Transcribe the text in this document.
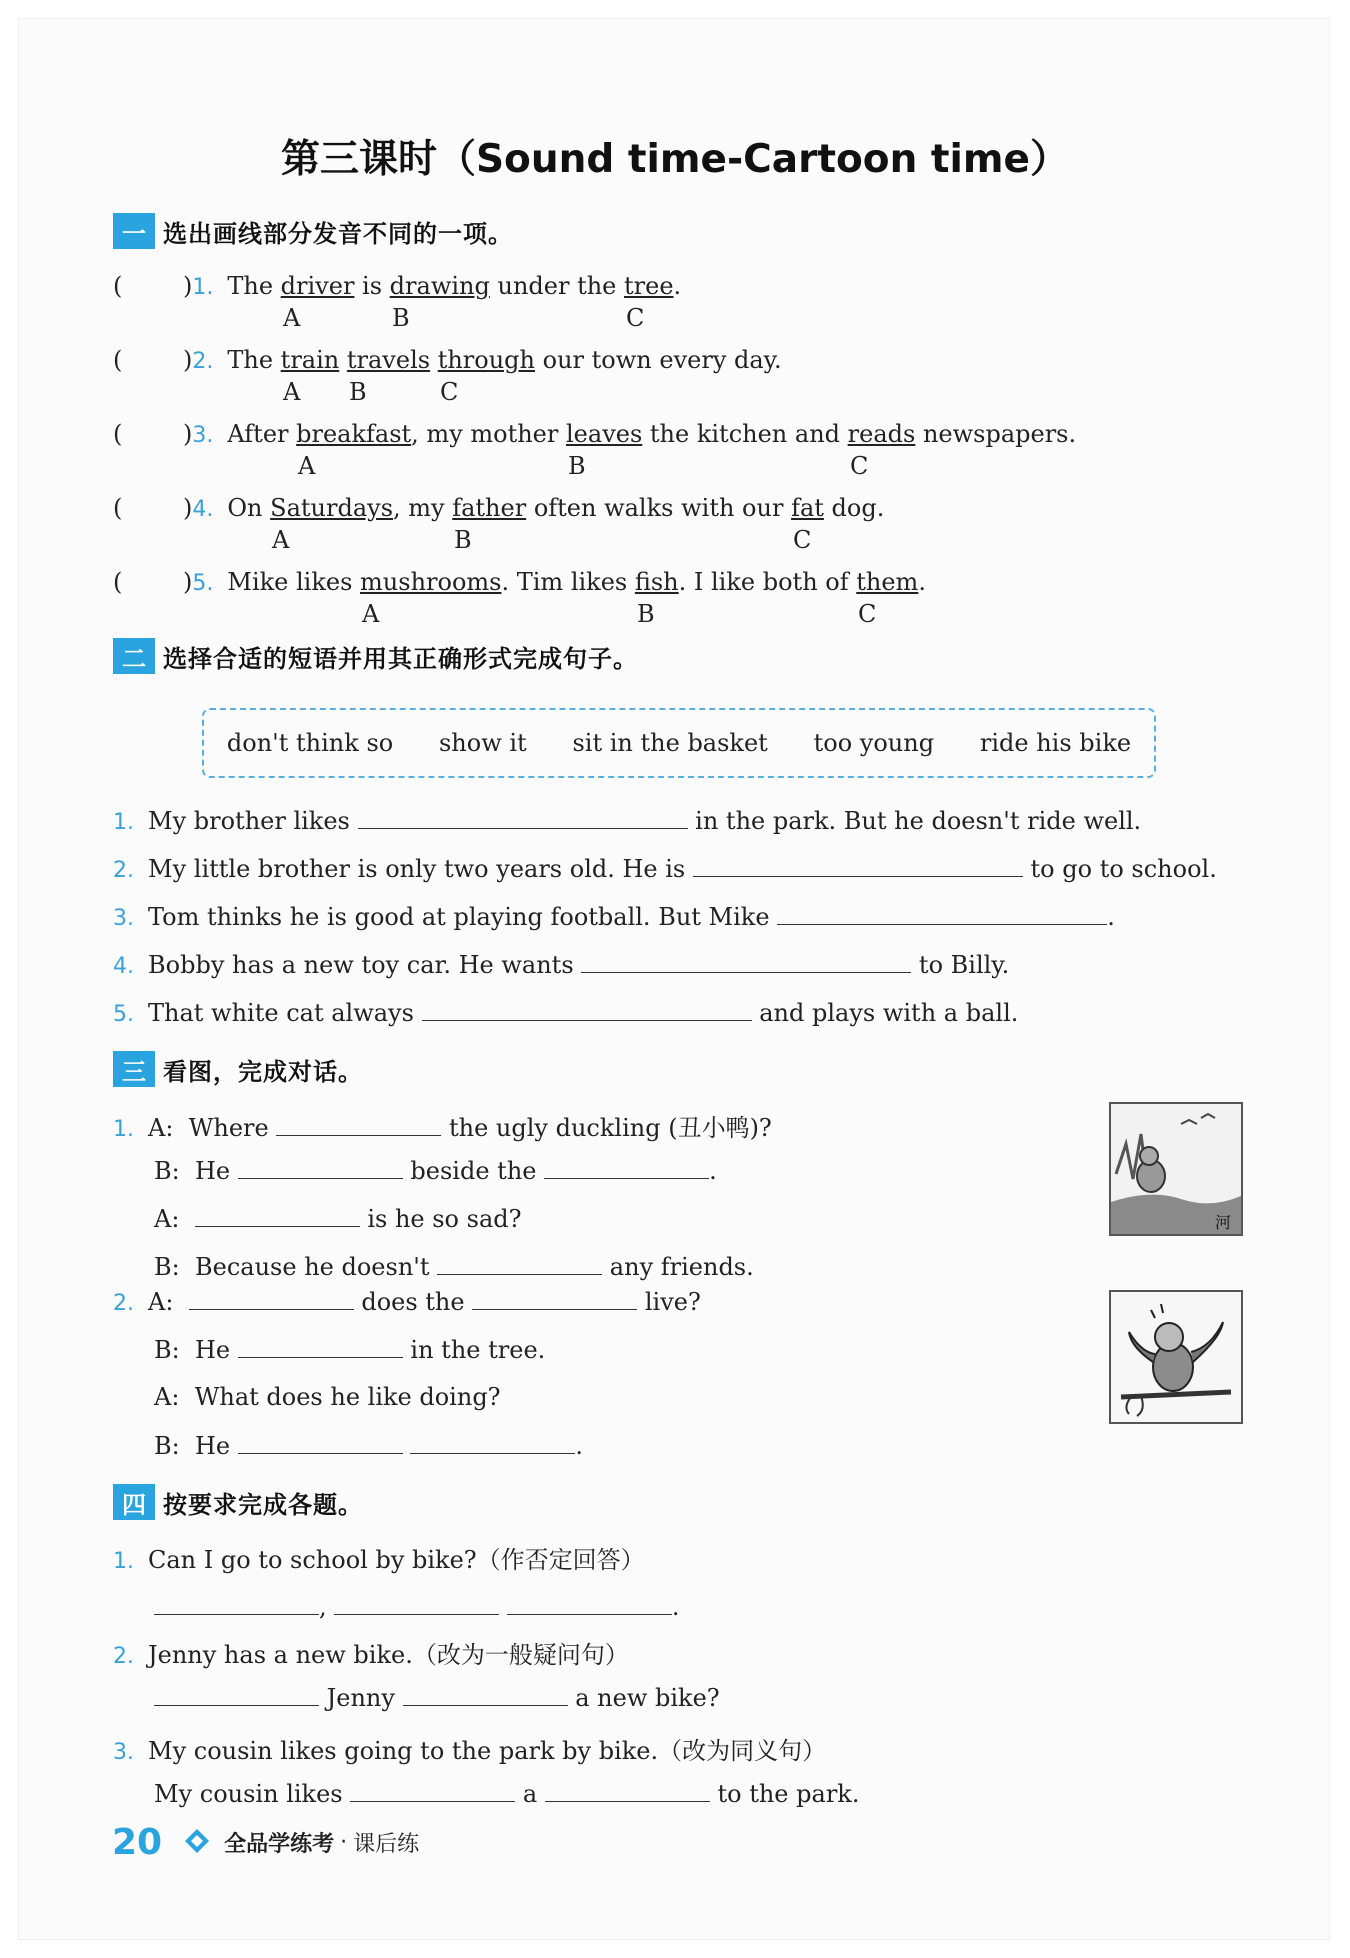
第三课时（Sound time-Cartoon time）
一 选出画线部分发音不同的一项。
(	)1. The driver is drawing under the tree.
A	B	C
(	)2. The train travels through our town every day.
A B	C
(	)3. After breakfast, my mother leaves the kitchen and reads newspapers.
A	B	C
(	)4. On Saturdays, my father often walks with our fat dog.
A	B	C
(	)5. Mike likes mushrooms. Tim likes fish. I like both of them.
A	B	C
二 选择合适的短语并用其正确形式完成句子。
don't think so show it sit in the basket too young ride his bike
1. My brother likes	in the park. But he doesn't ride well.
2. My little brother is only two years old. He is	to go to school.
3. Tom thinks he is good at playing football. But Mike	.
4. Bobby has a new toy car. He wants	to Billy.
5. That white cat always	and plays with a ball.
三 看图，完成对话。
1. A: Where	the ugly duckling (丑小鸭)?
B: He	beside the	.
A:	is he so sad?
B: Because he doesn't	any friends.
河
2. A:	does the	live?
B: He	in the tree.
A: What does he like doing?
B: He	.
四 按要求完成各题。
1. Can I go to school by bike?（作否定回答）
,	.
2. Jenny has a new bike.（改为一般疑问句）
Jenny	a new bike?
3. My cousin likes going to the park by bike.（改为同义句）
My cousin likes	a	to the park.
20	全品学练考 · 课后练
